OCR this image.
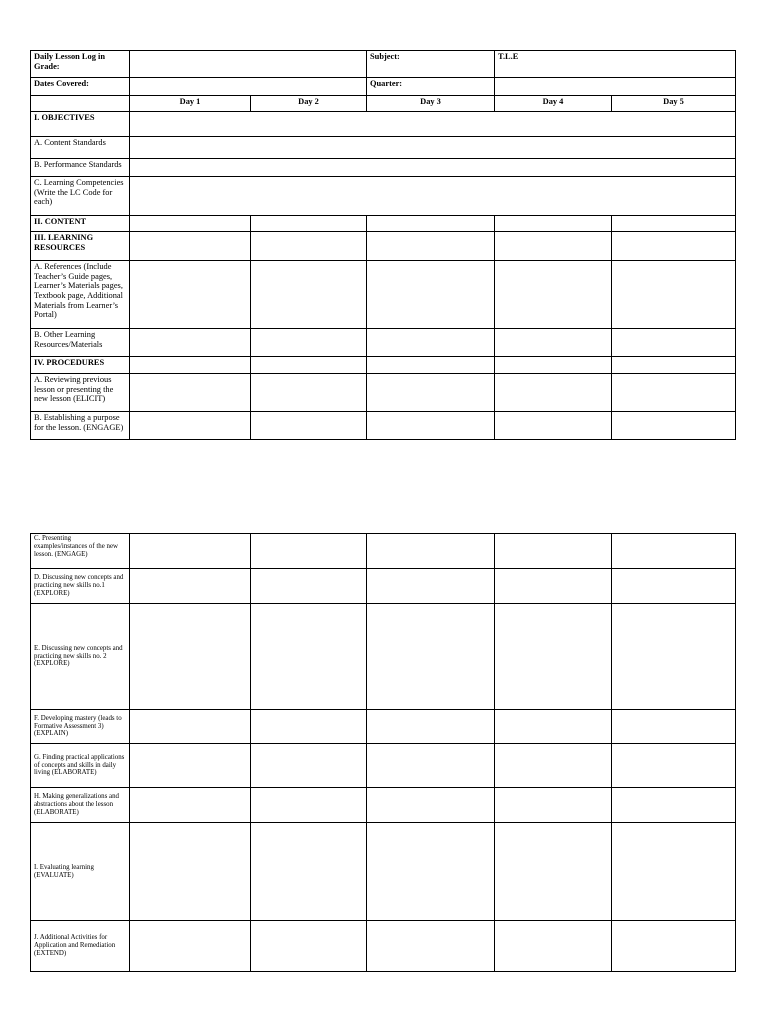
Daily Lesson Log in Grade:			Subject:	T.L.E	
Dates Covered:			Quarter:		
	Day 1	Day 2	Day 3	Day 4	Day 5
I. OBJECTIVES					
A. Content Standards					
B. Performance Standards					
C. Learning Competencies (Write the LC Code for each)					
II. CONTENT					
III. LEARNING RESOURCES					
A. References (Include Teacher’s Guide pages, Learner’s Materials pages, Textbook page, Additional Materials from Learner’s Portal)					
B. Other Learning Resources/Materials					
IV. PROCEDURES					
A. Reviewing previous lesson or presenting the new lesson (ELICIT)					
B. Establishing a purpose for the lesson. (ENGAGE)					
C. Presenting examples/instances of the new lesson. (ENGAGE)					
D. Discussing new concepts and practicing new skills no.1 (EXPLORE)					
E. Discussing new concepts and practicing new skills no. 2 (EXPLORE)					
F. Developing mastery (leads to Formative Assessment 3) (EXPLAIN)					
G. Finding practical applications of concepts and skills in daily living (ELABORATE)					
H. Making generalizations and abstractions about the lesson (ELABORATE)					
I. Evaluating learning (EVALUATE)					
J. Additional Activities for Application and Remediation (EXTEND)					
